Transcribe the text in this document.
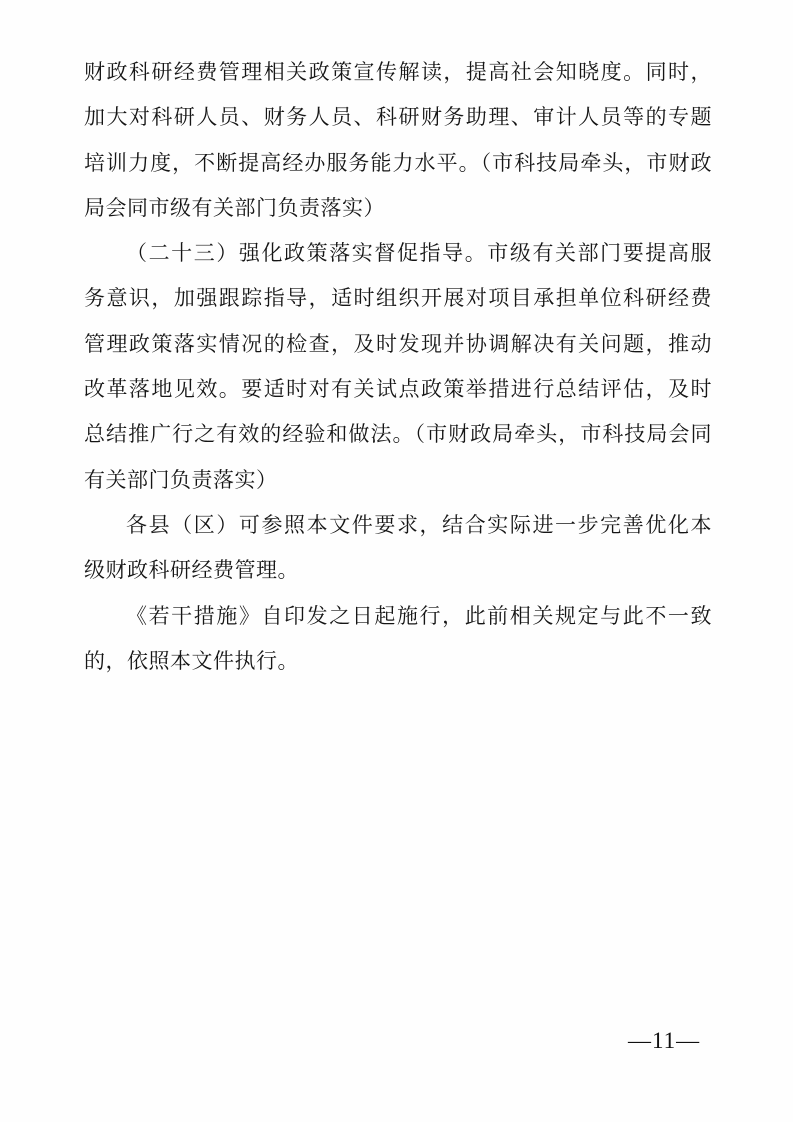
财政科研经费管理相关政策宣传解读，提高社会知晓度。同时，
加大对科研人员、财务人员、科研财务助理、审计人员等的专题
培训力度，不断提高经办服务能力水平。（市科技局牵头，市财政
局会同市级有关部门负责落实）
（二十三）强化政策落实督促指导。市级有关部门要提高服
务意识，加强跟踪指导，适时组织开展对项目承担单位科研经费
管理政策落实情况的检查，及时发现并协调解决有关问题，推动
改革落地见效。要适时对有关试点政策举措进行总结评估，及时
总结推广行之有效的经验和做法。（市财政局牵头，市科技局会同
有关部门负责落实）
各县（区）可参照本文件要求，结合实际进一步完善优化本
级财政科研经费管理。
《若干措施》自印发之日起施行，此前相关规定与此不一致
的，依照本文件执行。
—11—
